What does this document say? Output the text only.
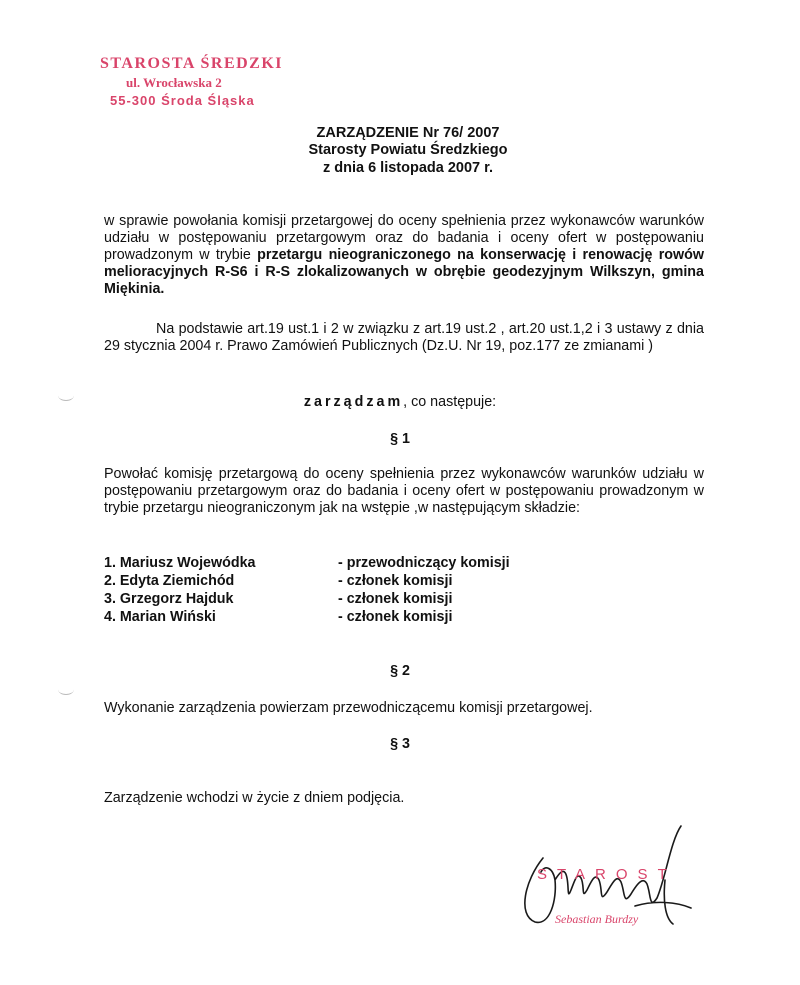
STAROSTA ŚREDZKI
ul. Wrocławska 2
55-300 Środa Śląska
ZARZĄDZENIE Nr 76/ 2007
Starosty Powiatu Średzkiego
z dnia 6 listopada 2007 r.
w sprawie powołania komisji przetargowej do oceny spełnienia przez wykonawców warunków udziału w postępowaniu przetargowym oraz do badania i oceny ofert w postępowaniu prowadzonym w trybie przetargu nieograniczonego na konserwację i renowację rowów melioracyjnych R-S6 i R-S zlokalizowanych w obrębie geodezyjnym Wilkszyn, gmina Miękinia.
Na podstawie art.19 ust.1 i 2 w związku z art.19 ust.2 , art.20 ust.1,2 i 3 ustawy z dnia 29 stycznia 2004 r. Prawo Zamówień Publicznych (Dz.U. Nr 19, poz.177 ze zmianami )
zarządzam, co następuje:
§ 1
Powołać komisję przetargową do oceny spełnienia przez wykonawców warunków udziału w postępowaniu przetargowym oraz do badania i oceny ofert w postępowaniu prowadzonym w trybie przetargu nieograniczonym jak na wstępie ,w następującym składzie:
1. Mariusz Wojewódka	- przewodniczący komisji
2. Edyta Ziemichód	- członek komisji
3. Grzegorz Hajduk	- członek komisji
4. Marian Wiński	- członek komisji
§ 2
Wykonanie zarządzenia powierzam przewodniczącemu komisji przetargowej.
§ 3
Zarządzenie wchodzi w życie z dniem podjęcia.
STAROST
Sebastian Burdzy
